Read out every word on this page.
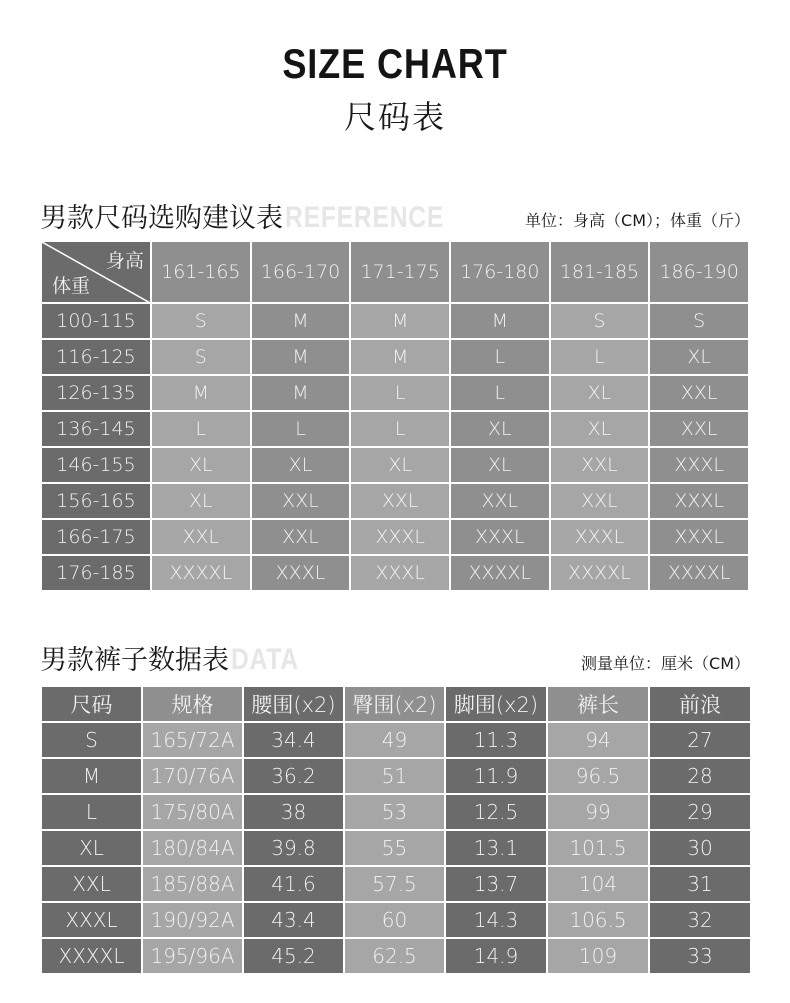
SIZE CHART
尺码表
男款尺码选购建议表REFERENCE	单位：身高（CM）；体重（斤）
身高
体重	161-165	166-170	171-175	176-180	181-185	186-190
100-115	S	M	M	M	S	S
116-125	S	M	M	L	L	XL
126-135	M	M	L	L	XL	XXL
136-145	L	L	L	XL	XL	XXL
146-155	XL	XL	XL	XL	XXL	XXXL
156-165	XL	XXL	XXL	XXL	XXL	XXXL
166-175	XXL	XXL	XXXL	XXXL	XXXL	XXXL
176-185	XXXXL	XXXL	XXXL	XXXXL	XXXXL	XXXXL
男款裤子数据表DATA	测量单位：厘米（CM）
尺码	规格	腰围(x2)	臀围(x2)	脚围(x2)	裤长	前浪
S	165/72A	34.4	49	11.3	94	27
M	170/76A	36.2	51	11.9	96.5	28
L	175/80A	38	53	12.5	99	29
XL	180/84A	39.8	55	13.1	101.5	30
XXL	185/88A	41.6	57.5	13.7	104	31
XXXL	190/92A	43.4	60	14.3	106.5	32
XXXXL	195/96A	45.2	62.5	14.9	109	33
